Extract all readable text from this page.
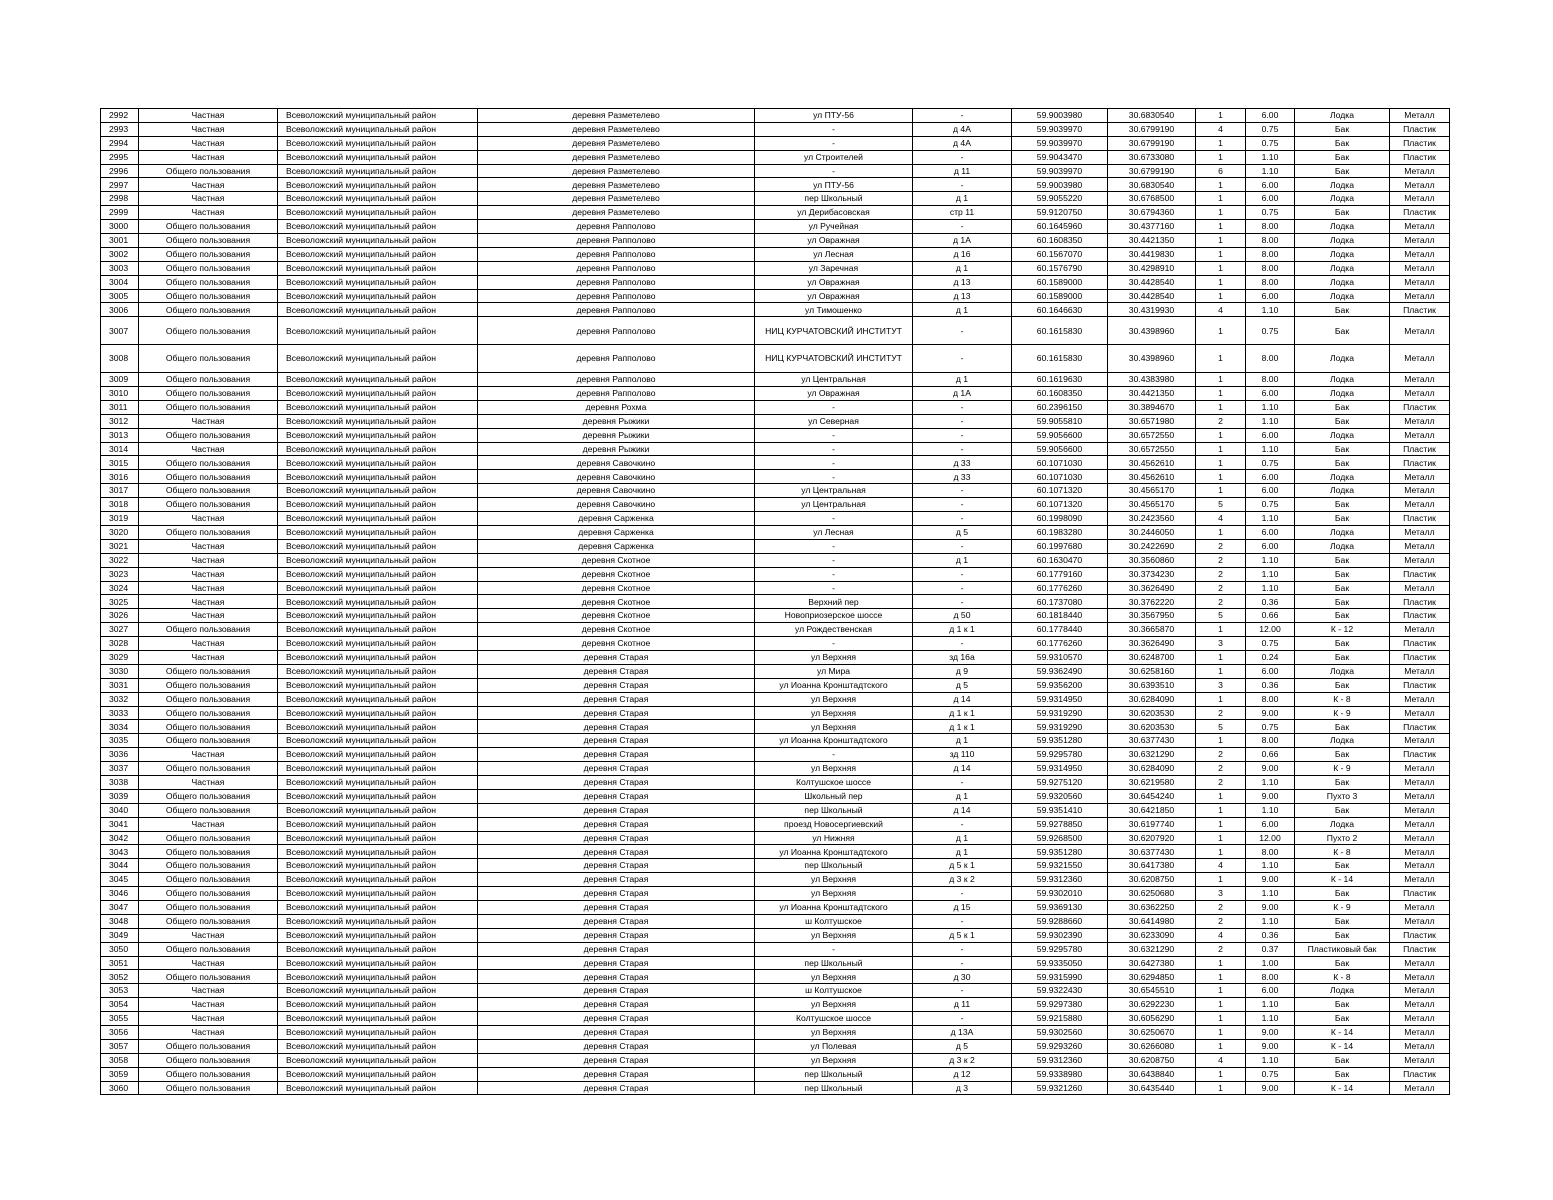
2992	Частная	Всеволожский муниципальный район	деревня Разметелево	ул ПТУ-56	-	59.9003980	30.6830540	1	6.00	Лодка	Металл
2993	Частная	Всеволожский муниципальный район	деревня Разметелево	-	д 4А	59.9039970	30.6799190	4	0.75	Бак	Пластик
2994	Частная	Всеволожский муниципальный район	деревня Разметелево	-	д 4А	59.9039970	30.6799190	1	0.75	Бак	Пластик
2995	Частная	Всеволожский муниципальный район	деревня Разметелево	ул Строителей	-	59.9043470	30.6733080	1	1.10	Бак	Пластик
2996	Общего пользования	Всеволожский муниципальный район	деревня Разметелево	-	д 11	59.9039970	30.6799190	6	1.10	Бак	Металл
2997	Частная	Всеволожский муниципальный район	деревня Разметелево	ул ПТУ-56	-	59.9003980	30.6830540	1	6.00	Лодка	Металл
2998	Частная	Всеволожский муниципальный район	деревня Разметелево	пер Школьный	д 1	59.9055220	30.6768500	1	6.00	Лодка	Металл
2999	Частная	Всеволожский муниципальный район	деревня Разметелево	ул Дерибасовская	стр 11	59.9120750	30.6794360	1	0.75	Бак	Пластик
3000	Общего пользования	Всеволожский муниципальный район	деревня Рапполово	ул Ручейная	-	60.1645960	30.4377160	1	8.00	Лодка	Металл
3001	Общего пользования	Всеволожский муниципальный район	деревня Рапполово	ул Овражная	д 1А	60.1608350	30.4421350	1	8.00	Лодка	Металл
3002	Общего пользования	Всеволожский муниципальный район	деревня Рапполово	ул Лесная	д 16	60.1567070	30.4419830	1	8.00	Лодка	Металл
3003	Общего пользования	Всеволожский муниципальный район	деревня Рапполово	ул Заречная	д 1	60.1576790	30.4298910	1	8.00	Лодка	Металл
3004	Общего пользования	Всеволожский муниципальный район	деревня Рапполово	ул Овражная	д 13	60.1589000	30.4428540	1	8.00	Лодка	Металл
3005	Общего пользования	Всеволожский муниципальный район	деревня Рапполово	ул Овражная	д 13	60.1589000	30.4428540	1	6.00	Лодка	Металл
3006	Общего пользования	Всеволожский муниципальный район	деревня Рапполово	ул Тимошенко	д 1	60.1646630	30.4319930	4	1.10	Бак	Пластик
3007	Общего пользования	Всеволожский муниципальный район	деревня Рапполово	НИЦ КУРЧАТОВСКИЙ ИНСТИТУТ	-	60.1615830	30.4398960	1	0.75	Бак	Металл
3008	Общего пользования	Всеволожский муниципальный район	деревня Рапполово	НИЦ КУРЧАТОВСКИЙ ИНСТИТУТ	-	60.1615830	30.4398960	1	8.00	Лодка	Металл
3009	Общего пользования	Всеволожский муниципальный район	деревня Рапполово	ул Центральная	д 1	60.1619630	30.4383980	1	8.00	Лодка	Металл
3010	Общего пользования	Всеволожский муниципальный район	деревня Рапполово	ул Овражная	д 1А	60.1608350	30.4421350	1	6.00	Лодка	Металл
3011	Общего пользования	Всеволожский муниципальный район	деревня Рохма	-	-	60.2396150	30.3894670	1	1.10	Бак	Пластик
3012	Частная	Всеволожский муниципальный район	деревня Рыжики	ул Северная	-	59.9055810	30.6571980	2	1.10	Бак	Металл
3013	Общего пользования	Всеволожский муниципальный район	деревня Рыжики	-	-	59.9056600	30.6572550	1	6.00	Лодка	Металл
3014	Частная	Всеволожский муниципальный район	деревня Рыжики	-	-	59.9056600	30.6572550	1	1.10	Бак	Пластик
3015	Общего пользования	Всеволожский муниципальный район	деревня Савочкино	-	д 33	60.1071030	30.4562610	1	0.75	Бак	Пластик
3016	Общего пользования	Всеволожский муниципальный район	деревня Савочкино	-	д 33	60.1071030	30.4562610	1	6.00	Лодка	Металл
3017	Общего пользования	Всеволожский муниципальный район	деревня Савочкино	ул Центральная	-	60.1071320	30.4565170	1	6.00	Лодка	Металл
3018	Общего пользования	Всеволожский муниципальный район	деревня Савочкино	ул Центральная	-	60.1071320	30.4565170	5	0.75	Бак	Металл
3019	Частная	Всеволожский муниципальный район	деревня Сарженка	-	-	60.1998090	30.2423560	4	1.10	Бак	Пластик
3020	Общего пользования	Всеволожский муниципальный район	деревня Сарженка	ул Лесная	д 5	60.1983280	30.2446050	1	6.00	Лодка	Металл
3021	Частная	Всеволожский муниципальный район	деревня Сарженка	-	-	60.1997680	30.2422690	2	6.00	Лодка	Металл
3022	Частная	Всеволожский муниципальный район	деревня Скотное	-	д 1	60.1630470	30.3560860	2	1.10	Бак	Металл
3023	Частная	Всеволожский муниципальный район	деревня Скотное	-	-	60.1779160	30.3734230	2	1.10	Бак	Пластик
3024	Частная	Всеволожский муниципальный район	деревня Скотное	-	-	60.1776260	30.3626490	2	1.10	Бак	Металл
3025	Частная	Всеволожский муниципальный район	деревня Скотное	Верхний пер	-	60.1737080	30.3762220	2	0.36	Бак	Пластик
3026	Частная	Всеволожский муниципальный район	деревня Скотное	Новоприозерское шоссе	д 50	60.1818440	30.3567950	5	0.66	Бак	Пластик
3027	Общего пользования	Всеволожский муниципальный район	деревня Скотное	ул Рождественская	д 1 к 1	60.1778440	30.3665870	1	12.00	К - 12	Металл
3028	Частная	Всеволожский муниципальный район	деревня Скотное	-	-	60.1776260	30.3626490	3	0.75	Бак	Пластик
3029	Частная	Всеволожский муниципальный район	деревня Старая	ул Верхняя	зд 16а	59.9310570	30.6248700	1	0.24	Бак	Пластик
3030	Общего пользования	Всеволожский муниципальный район	деревня Старая	ул Мира	д 9	59.9362490	30.6258160	1	6.00	Лодка	Металл
3031	Общего пользования	Всеволожский муниципальный район	деревня Старая	ул Иоанна Кронштадтского	д 5	59.9356200	30.6393510	3	0.36	Бак	Пластик
3032	Общего пользования	Всеволожский муниципальный район	деревня Старая	ул Верхняя	д 14	59.9314950	30.6284090	1	8.00	К - 8	Металл
3033	Общего пользования	Всеволожский муниципальный район	деревня Старая	ул Верхняя	д 1 к 1	59.9319290	30.6203530	2	9.00	К - 9	Металл
3034	Общего пользования	Всеволожский муниципальный район	деревня Старая	ул Верхняя	д 1 к 1	59.9319290	30.6203530	5	0.75	Бак	Пластик
3035	Общего пользования	Всеволожский муниципальный район	деревня Старая	ул Иоанна Кронштадтского	д 1	59.9351280	30.6377430	1	8.00	Лодка	Металл
3036	Частная	Всеволожский муниципальный район	деревня Старая	-	зд 110	59.9295780	30.6321290	2	0.66	Бак	Пластик
3037	Общего пользования	Всеволожский муниципальный район	деревня Старая	ул Верхняя	д 14	59.9314950	30.6284090	2	9.00	К - 9	Металл
3038	Частная	Всеволожский муниципальный район	деревня Старая	Колтушское шоссе	-	59.9275120	30.6219580	2	1.10	Бак	Металл
3039	Общего пользования	Всеволожский муниципальный район	деревня Старая	Школьный пер	д 1	59.9320560	30.6454240	1	9.00	Пухто 3	Металл
3040	Общего пользования	Всеволожский муниципальный район	деревня Старая	пер Школьный	д 14	59.9351410	30.6421850	1	1.10	Бак	Металл
3041	Частная	Всеволожский муниципальный район	деревня Старая	проезд Новосергиевский	-	59.9278850	30.6197740	1	6.00	Лодка	Металл
3042	Общего пользования	Всеволожский муниципальный район	деревня Старая	ул Нижняя	д 1	59.9268500	30.6207920	1	12.00	Пухто 2	Металл
3043	Общего пользования	Всеволожский муниципальный район	деревня Старая	ул Иоанна Кронштадтского	д 1	59.9351280	30.6377430	1	8.00	К - 8	Металл
3044	Общего пользования	Всеволожский муниципальный район	деревня Старая	пер Школьный	д 5 к 1	59.9321550	30.6417380	4	1.10	Бак	Металл
3045	Общего пользования	Всеволожский муниципальный район	деревня Старая	ул Верхняя	д 3 к 2	59.9312360	30.6208750	1	9.00	К - 14	Металл
3046	Общего пользования	Всеволожский муниципальный район	деревня Старая	ул Верхняя	-	59.9302010	30.6250680	3	1.10	Бак	Пластик
3047	Общего пользования	Всеволожский муниципальный район	деревня Старая	ул Иоанна Кронштадтского	д 15	59.9369130	30.6362250	2	9.00	К - 9	Металл
3048	Общего пользования	Всеволожский муниципальный район	деревня Старая	ш Колтушское	-	59.9288660	30.6414980	2	1.10	Бак	Металл
3049	Частная	Всеволожский муниципальный район	деревня Старая	ул Верхняя	д 5 к 1	59.9302390	30.6233090	4	0.36	Бак	Пластик
3050	Общего пользования	Всеволожский муниципальный район	деревня Старая	-	-	59.9295780	30.6321290	2	0.37	Пластиковый бак	Пластик
3051	Частная	Всеволожский муниципальный район	деревня Старая	пер Школьный	-	59.9335050	30.6427380	1	1.00	Бак	Металл
3052	Общего пользования	Всеволожский муниципальный район	деревня Старая	ул Верхняя	д 30	59.9315990	30.6294850	1	8.00	К - 8	Металл
3053	Частная	Всеволожский муниципальный район	деревня Старая	ш Колтушское	-	59.9322430	30.6545510	1	6.00	Лодка	Металл
3054	Частная	Всеволожский муниципальный район	деревня Старая	ул Верхняя	д 11	59.9297380	30.6292230	1	1.10	Бак	Металл
3055	Частная	Всеволожский муниципальный район	деревня Старая	Колтушское шоссе	-	59.9215880	30.6056290	1	1.10	Бак	Металл
3056	Частная	Всеволожский муниципальный район	деревня Старая	ул Верхняя	д 13А	59.9302560	30.6250670	1	9.00	К - 14	Металл
3057	Общего пользования	Всеволожский муниципальный район	деревня Старая	ул Полевая	д 5	59.9293260	30.6266080	1	9.00	К - 14	Металл
3058	Общего пользования	Всеволожский муниципальный район	деревня Старая	ул Верхняя	д 3 к 2	59.9312360	30.6208750	4	1.10	Бак	Металл
3059	Общего пользования	Всеволожский муниципальный район	деревня Старая	пер Школьный	д 12	59.9338980	30.6438840	1	0.75	Бак	Пластик
3060	Общего пользования	Всеволожский муниципальный район	деревня Старая	пер Школьный	д 3	59.9321260	30.6435440	1	9.00	К - 14	Металл
